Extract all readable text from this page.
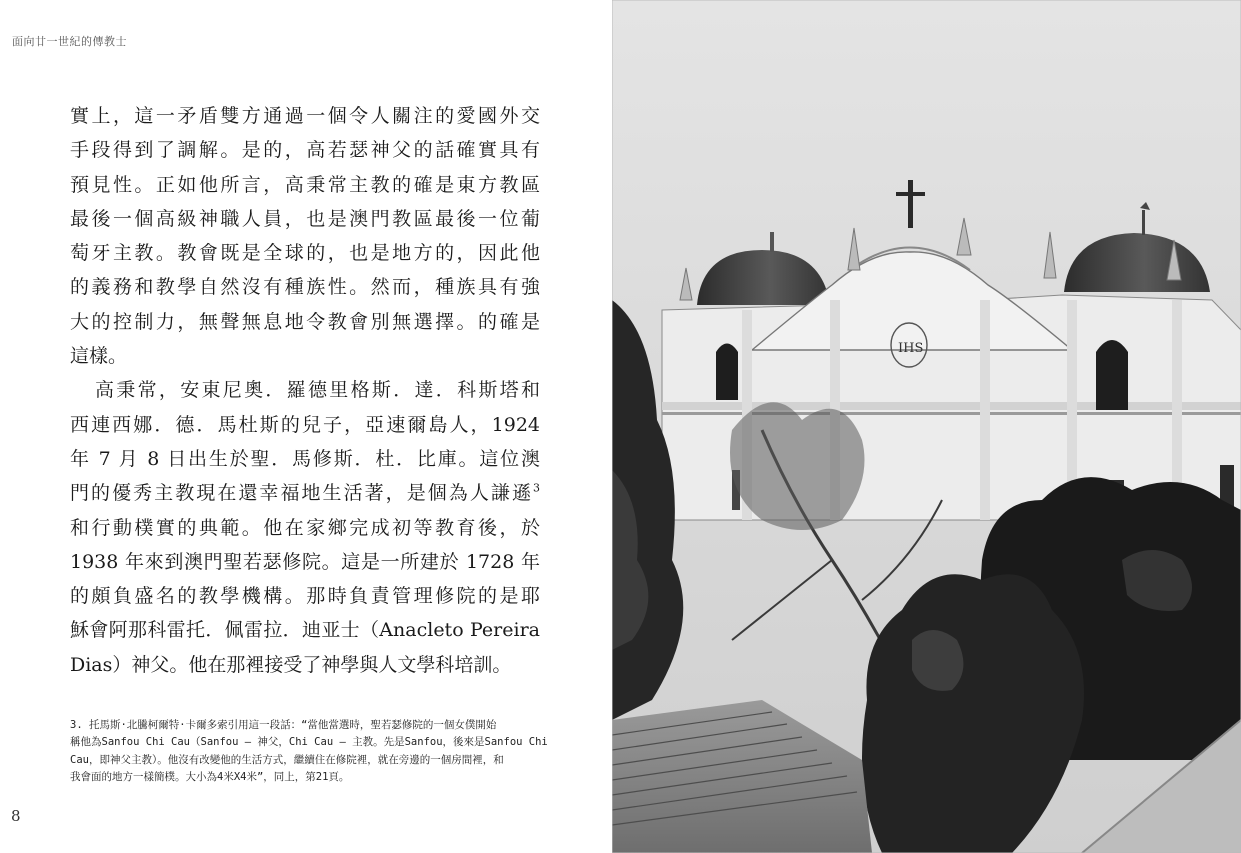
面向廿一世紀的傳教士
實上，這一矛盾雙方通過一個令人關注的愛國外交
手段得到了調解。是的，高若瑟神父的話確實具有
預見性。正如他所言，高秉常主教的確是東方教區
最後一個高級神職人員，也是澳門教區最後一位葡
萄牙主教。教會既是全球的，也是地方的，因此他
的義務和教學自然沒有種族性。然而，種族具有強
大的控制力，無聲無息地令教會別無選擇。的確是
這樣。
高秉常，安東尼奧．羅德里格斯．達．科斯塔和
西連西娜．德．馬杜斯的兒子，亞速爾島人，1924
年 7 月 8 日出生於聖．馬修斯．杜．比庫。這位澳
門的優秀主教現在還幸福地生活著，是個為人謙遜$^3$
和行動樸實的典範。他在家鄉完成初等教育後，於
1938 年來到澳門聖若瑟修院。這是一所建於 1728 年
的頗負盛名的教學機構。那時負責管理修院的是耶
穌會阿那科雷托．佩雷拉．迪亚士（Anacleto Pereira
Dias）神父。他在那裡接受了神學與人文學科培訓。
3. 托馬斯·北騰柯爾特·卡爾多索引用這一段話：“當他當選時，聖若瑟修院的一個女僕開始
稱他為Sanfou Chi Cau（Sanfou – 神父，Chi Cau – 主教。先是Sanfou，後來是Sanfou Chi
Cau，即神父主教）。他沒有改變他的生活方式，繼續住在修院裡，就在旁邊的一個房間裡，和
我會面的地方一樣簡樸。大小為4米X4米”，同上，第21頁。
8
IHS
